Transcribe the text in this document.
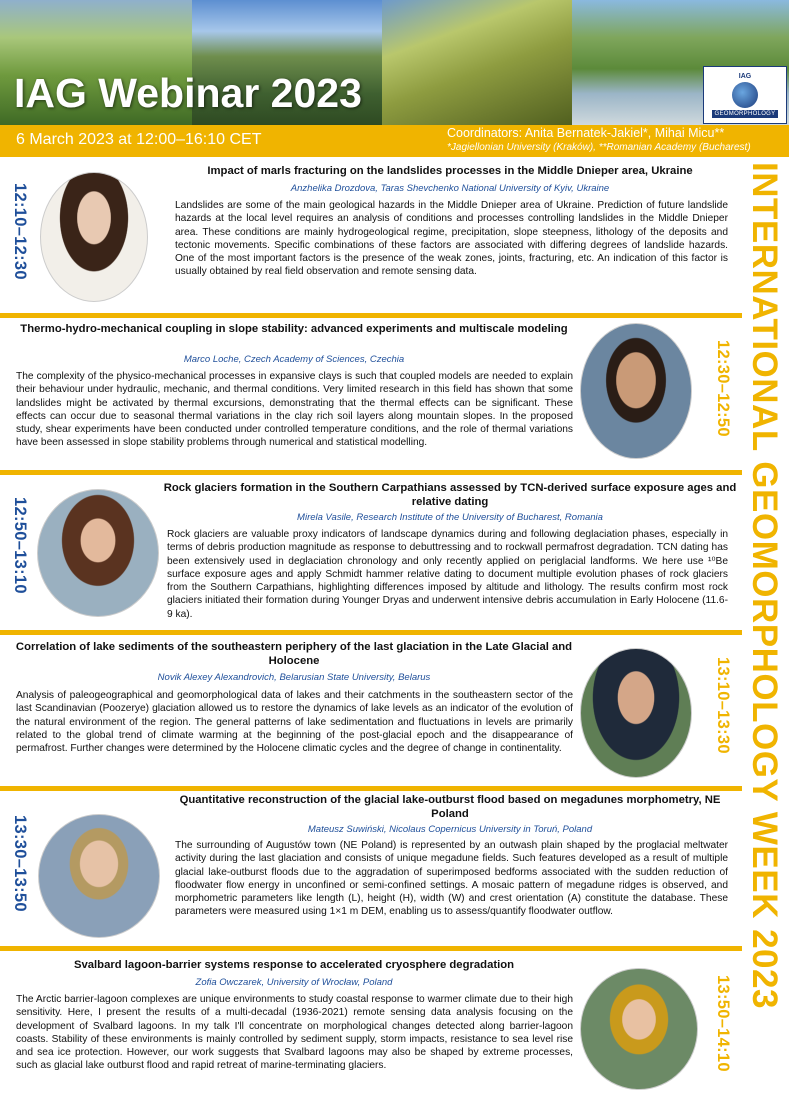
IAG Webinar 2023	IAG
GEOMORPHOLOGY
6 March 2023 at 12:00–16:10 CET	Coordinators: Anita Bernatek-Jakiel*, Mihai Micu**
*Jagiellonian University (Kraków), **Romanian Academy (Bucharest)
INTERNATIONAL GEOMORPHOLOGY WEEK 2023
12:10–12:30
Impact of marls fracturing on the landslides processes in the Middle Dnieper area, Ukraine
Anzhelika Drozdova, Taras Shevchenko National University of Kyiv, Ukraine
Landslides are some of the main geological hazards in the Middle Dnieper area of Ukraine. Prediction of future landslide hazards at the local level requires an analysis of conditions and processes controlling landslides in the Middle Dnieper area. These conditions are mainly hydrogeological regime, precipitation, slope steepness, lithology of the deposits and tectonic movements. Specific combinations of these factors are associated with differing degrees of landslide hazards. One of the most important factors is the presence of the weak zones, joints, fracturing, etc. An indication of this factor is usually obtained by real field observation and remote sensing data.
12:30–12:50
Thermo-hydro-mechanical coupling in slope stability: advanced experiments and multiscale modeling
Marco Loche, Czech Academy of Sciences, Czechia
The complexity of the physico-mechanical processes in expansive clays is such that coupled models are needed to explain their behaviour under hydraulic, mechanic, and thermal conditions. Very limited research in this field has shown that some landslides might be activated by thermal excursions, demonstrating that the thermal effects can be significant. These effects can occur due to seasonal thermal variations in the clay rich soil layers along mountain slopes. In the proposed study, shear experiments have been conducted under controlled temperature conditions, and the role of thermal variations have been assessed in slope stability problems through numerical and statistical modelling.
12:50–13:10
Rock glaciers formation in the Southern Carpathians assessed by TCN-derived surface exposure ages and relative dating
Mirela Vasile, Research Institute of the University of Bucharest, Romania
Rock glaciers are valuable proxy indicators of landscape dynamics during and following deglaciation phases, especially in terms of debris production magnitude as response to debuttressing and to rockwall permafrost degradation. TCN dating has been extensively used in deglaciation chronology and only recently applied on periglacial landforms. We here use ¹⁰Be surface exposure ages and apply Schmidt hammer relative dating to document multiple evolution phases of rock glaciers from the Southern Carpathians, highlighting differences imposed by altitude and lithology. The results confirm most rock glaciers initiated their formation during Younger Dryas and underwent intensive debris accumulation in Early Holocene (11.6-9 ka).
13:10–13:30
Correlation of lake sediments of the southeastern periphery of the last glaciation in the Late Glacial and Holocene
Novik Alexey Alexandrovich, Belarusian State University, Belarus
Analysis of paleogeographical and geomorphological data of lakes and their catchments in the southeastern sector of the last Scandinavian (Poozerye) glaciation allowed us to restore the dynamics of lake levels as an indicator of the evolution of the natural environment of the region. The general patterns of lake sedimentation and fluctuations in levels are primarily related to the global trend of climate warming at the beginning of the post-glacial epoch and the disappearance of permafrost. Further changes were determined by the Holocene climatic cycles and the degree of change in continentality.
13:30–13:50
Quantitative reconstruction of the glacial lake-outburst flood based on megadunes morphometry, NE Poland
Mateusz Suwiński, Nicolaus Copernicus University in Toruń, Poland
The surrounding of Augustów town (NE Poland) is represented by an outwash plain shaped by the proglacial meltwater activity during the last glaciation and consists of unique megadune fields. Such features developed as a result of multiple glacial lake-outburst floods due to the aggradation of superimposed bedforms associated with the sudden reduction of floodwater flow energy in unconfined or semi-confined settings. A mosaic pattern of megadune ridges is observed, and morphometric parameters like length (L), height (H), width (W) and crest orientation (A) constitute the database. These parameters were measured using 1×1 m DEM, enabling us to assess/quantify floodwater outflow.
13:50–14:10
Svalbard lagoon-barrier systems response to accelerated cryosphere degradation
Zofia Owczarek, University of Wrocław, Poland
The Arctic barrier-lagoon complexes are unique environments to study coastal response to warmer climate due to their high sensitivity. Here, I present the results of a multi-decadal (1936-2021) remote sensing data analysis focusing on the development of Svalbard lagoons. In my talk I'll concentrate on morphological changes detected along barrier-lagoon coasts. Stability of these environments is mainly controlled by sediment supply, storm impacts, resistance to sea level rise and sea ice protection. However, our work suggests that Svalbard lagoons may also be shaped by extreme processes, such as glacial lake outburst flood and rapid retreat of marine-terminating glaciers.
